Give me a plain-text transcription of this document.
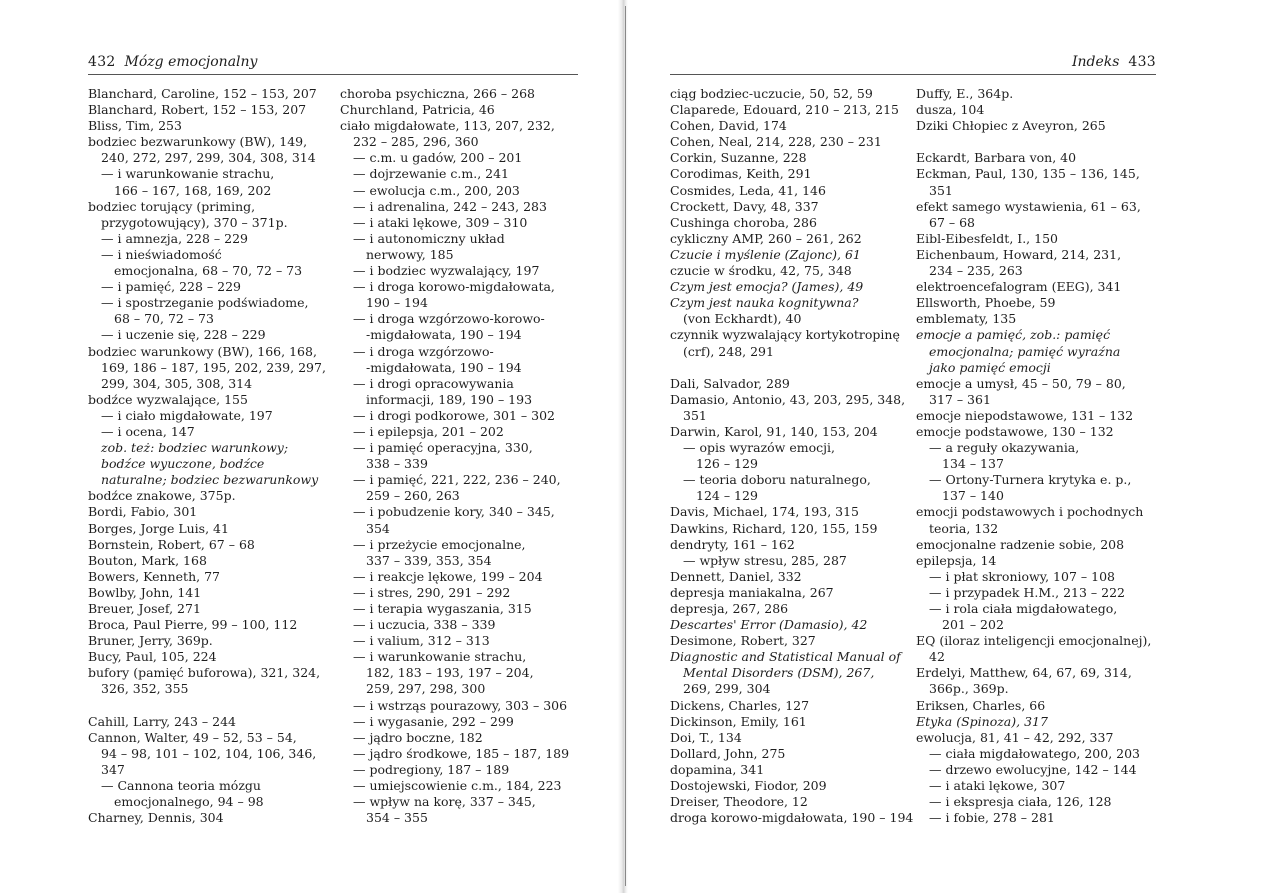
432 Mózg emocjonalny
Blanchard, Caroline, 152 – 153, 207
Blanchard, Robert, 152 – 153, 207
Bliss, Tim, 253
bodziec bezwarunkowy (BW), 149,
240, 272, 297, 299, 304, 308, 314
— i warunkowanie strachu,
166 – 167, 168, 169, 202
bodziec torujący (priming,
przygotowujący), 370 – 371p.
— i amnezja, 228 – 229
— i nieświadomość
emocjonalna, 68 – 70, 72 – 73
— i pamięć, 228 – 229
— i spostrzeganie podświadome,
68 – 70, 72 – 73
— i uczenie się, 228 – 229
bodziec warunkowy (BW), 166, 168,
169, 186 – 187, 195, 202, 239, 297,
299, 304, 305, 308, 314
bodźce wyzwalające, 155
— i ciało migdałowate, 197
— i ocena, 147
zob. też: bodziec warunkowy;
bodźce wyuczone, bodźce
naturalne; bodziec bezwarunkowy
bodźce znakowe, 375p.
Bordi, Fabio, 301
Borges, Jorge Luis, 41
Bornstein, Robert, 67 – 68
Bouton, Mark, 168
Bowers, Kenneth, 77
Bowlby, John, 141
Breuer, Josef, 271
Broca, Paul Pierre, 99 – 100, 112
Bruner, Jerry, 369p.
Bucy, Paul, 105, 224
bufory (pamięć buforowa), 321, 324,
326, 352, 355
Cahill, Larry, 243 – 244
Cannon, Walter, 49 – 52, 53 – 54,
94 – 98, 101 – 102, 104, 106, 346,
347
— Cannona teoria mózgu
emocjonalnego, 94 – 98
Charney, Dennis, 304
choroba psychiczna, 266 – 268
Churchland, Patricia, 46
ciało migdałowate, 113, 207, 232,
232 – 285, 296, 360
— c.m. u gadów, 200 – 201
— dojrzewanie c.m., 241
— ewolucja c.m., 200, 203
— i adrenalina, 242 – 243, 283
— i ataki lękowe, 309 – 310
— i autonomiczny układ
nerwowy, 185
— i bodziec wyzwalający, 197
— i droga korowo-migdałowata,
190 – 194
— i droga wzgórzowo-korowo-
-migdałowata, 190 – 194
— i droga wzgórzowo-
-migdałowata, 190 – 194
— i drogi opracowywania
informacji, 189, 190 – 193
— i drogi podkorowe, 301 – 302
— i epilepsja, 201 – 202
— i pamięć operacyjna, 330,
338 – 339
— i pamięć, 221, 222, 236 – 240,
259 – 260, 263
— i pobudzenie kory, 340 – 345,
354
— i przeżycie emocjonalne,
337 – 339, 353, 354
— i reakcje lękowe, 199 – 204
— i stres, 290, 291 – 292
— i terapia wygaszania, 315
— i uczucia, 338 – 339
— i valium, 312 – 313
— i warunkowanie strachu,
182, 183 – 193, 197 – 204,
259, 297, 298, 300
— i wstrząs pourazowy, 303 – 306
— i wygasanie, 292 – 299
— jądro boczne, 182
— jądro środkowe, 185 – 187, 189
— podregiony, 187 – 189
— umiejscowienie c.m., 184, 223
— wpływ na korę, 337 – 345,
354 – 355
Indeks 433
ciąg bodziec-uczucie, 50, 52, 59
Claparede, Edouard, 210 – 213, 215
Cohen, David, 174
Cohen, Neal, 214, 228, 230 – 231
Corkin, Suzanne, 228
Corodimas, Keith, 291
Cosmides, Leda, 41, 146
Crockett, Davy, 48, 337
Cushinga choroba, 286
cykliczny AMP, 260 – 261, 262
Czucie i myślenie (Zajonc), 61
czucie w środku, 42, 75, 348
Czym jest emocja? (James), 49
Czym jest nauka kognitywna?
(von Eckhardt), 40
czynnik wyzwalający kortykotropinę
(crf), 248, 291
Dali, Salvador, 289
Damasio, Antonio, 43, 203, 295, 348,
351
Darwin, Karol, 91, 140, 153, 204
— opis wyrazów emocji,
126 – 129
— teoria doboru naturalnego,
124 – 129
Davis, Michael, 174, 193, 315
Dawkins, Richard, 120, 155, 159
dendryty, 161 – 162
— wpływ stresu, 285, 287
Dennett, Daniel, 332
depresja maniakalna, 267
depresja, 267, 286
Descartes' Error (Damasio), 42
Desimone, Robert, 327
Diagnostic and Statistical Manual of
Mental Disorders (DSM), 267,
269, 299, 304
Dickens, Charles, 127
Dickinson, Emily, 161
Doi, T., 134
Dollard, John, 275
dopamina, 341
Dostojewski, Fiodor, 209
Dreiser, Theodore, 12
droga korowo-migdałowata, 190 – 194
Duffy, E., 364p.
dusza, 104
Dziki Chłopiec z Aveyron, 265
Eckardt, Barbara von, 40
Eckman, Paul, 130, 135 – 136, 145,
351
efekt samego wystawienia, 61 – 63,
67 – 68
Eibl-Eibesfeldt, I., 150
Eichenbaum, Howard, 214, 231,
234 – 235, 263
elektroencefalogram (EEG), 341
Ellsworth, Phoebe, 59
emblematy, 135
emocje a pamięć, zob.: pamięć
emocjonalna; pamięć wyraźna
jako pamięć emocji
emocje a umysł, 45 – 50, 79 – 80,
317 – 361
emocje niepodstawowe, 131 – 132
emocje podstawowe, 130 – 132
— a reguły okazywania,
134 – 137
— Ortony-Turnera krytyka e. p.,
137 – 140
emocji podstawowych i pochodnych
teoria, 132
emocjonalne radzenie sobie, 208
epilepsja, 14
— i płat skroniowy, 107 – 108
— i przypadek H.M., 213 – 222
— i rola ciała migdałowatego,
201 – 202
EQ (iloraz inteligencji emocjonalnej),
42
Erdelyi, Matthew, 64, 67, 69, 314,
366p., 369p.
Eriksen, Charles, 66
Etyka (Spinoza), 317
ewolucja, 81, 41 – 42, 292, 337
— ciała migdałowatego, 200, 203
— drzewo ewolucyjne, 142 – 144
— i ataki lękowe, 307
— i ekspresja ciała, 126, 128
— i fobie, 278 – 281
